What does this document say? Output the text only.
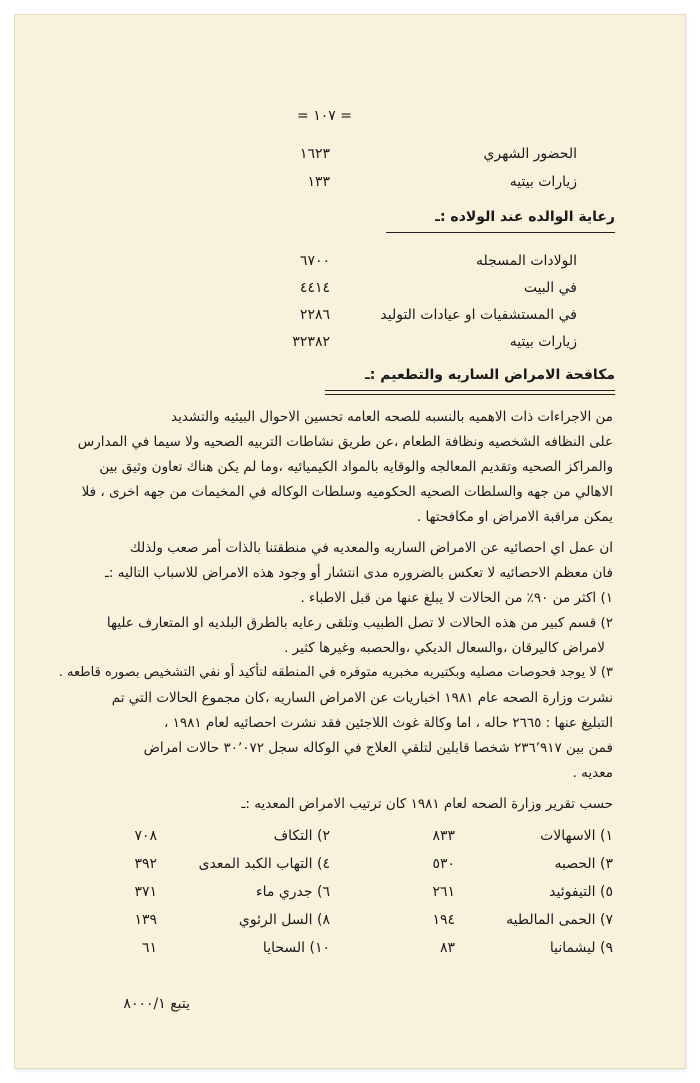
= ١٠٧ =
الحضور الشهري
١٦٢٣
زيارات بيتيه
١٣٣
رعاية الوالده عند الولاده :ـ
الولادات المسجله
٦٧٠٠
في البيت
٤٤١٤
في المستشفيات او عيادات التوليد
٢٢٨٦
زيارات بيتيه
٣٢٣٨٢
مكافحة الامراض الساريه والتطعيم :ـ
من الاجراءات ذات الاهميه بالنسبه للصحه العامه تحسين الاحوال البيئيه والتشديد
على النظافه الشخصيه ونظافة الطعام ،عن طريق نشاطات التربيه الصحيه ولا سيما في المدارس
والمراكز الصحيه وتقديم المعالجه والوقايه بالمواد الكيميائيه ،وما لم يكن هناك تعاون وثيق بين
الاهالي من جهه والسلطات الصحيه الحكوميه وسلطات الوكاله في المخيمات من جهه اخرى ، فلا
يمكن مراقبة الامراض او مكافحتها .
ان عمل اي احصائيه عن الامراض الساريه والمعديه في منطقتنا بالذات أمر صعب ولذلك
فان معظم الاحصائيه لا تعكس بالضروره مدى انتشار أو وجود هذه الامراض للاسباب التاليه :ـ
١) اكثر من ٩٠٪ من الحالات لا يبلغ عنها من قبل الاطباء .
٢) قسم كبير من هذه الحالات لا تصل الطبيب وتلقى رعايه بالطرق البلديه او المتعارف عليها
لامراض كاليرقان ،والسعال الديكي ،والحصبه وغيرها كثير .
٣) لا يوجد فحوصات مصليه وبكتيريه مخبريه متوفره في المنطقه لتأكيد أو نفي التشخيص بصوره قاطعه .
نشرت وزارة الصحه عام ١٩٨١ اخباريات عن الامراض الساريه ،كان مجموع الحالات التي تم
التبليغ عنها : ٢٦٦٥ حاله ، اما وكالة غوث اللاجئين فقد نشرت احصائيه لعام ١٩٨١ ،
فمن بين ٢٣٦٬٩١٧ شخصا قابلين لتلقي العلاج في الوكاله سجل ٣٠٬٠٧٢ حالات امراض
معديه .
حسب تقرير وزارة الصحه لعام ١٩٨١ كان ترتيب الامراض المعديه :ـ
١) الاسهالات
٨٣٣
٢) التكاف
٧٠٨
٣) الحصبه
٥٣٠
٤) التهاب الكبد المعدى
٣٩٢
٥) التيفوئيد
٢٦١
٦) جدري ماء
٣٧١
٧) الحمى المالطيه
١٩٤
٨) السل الرئوي
١٣٩
٩) ليشمانيا
٨٣
١٠) السحايا
٦١
يتبع ٨٠٠٠/١
